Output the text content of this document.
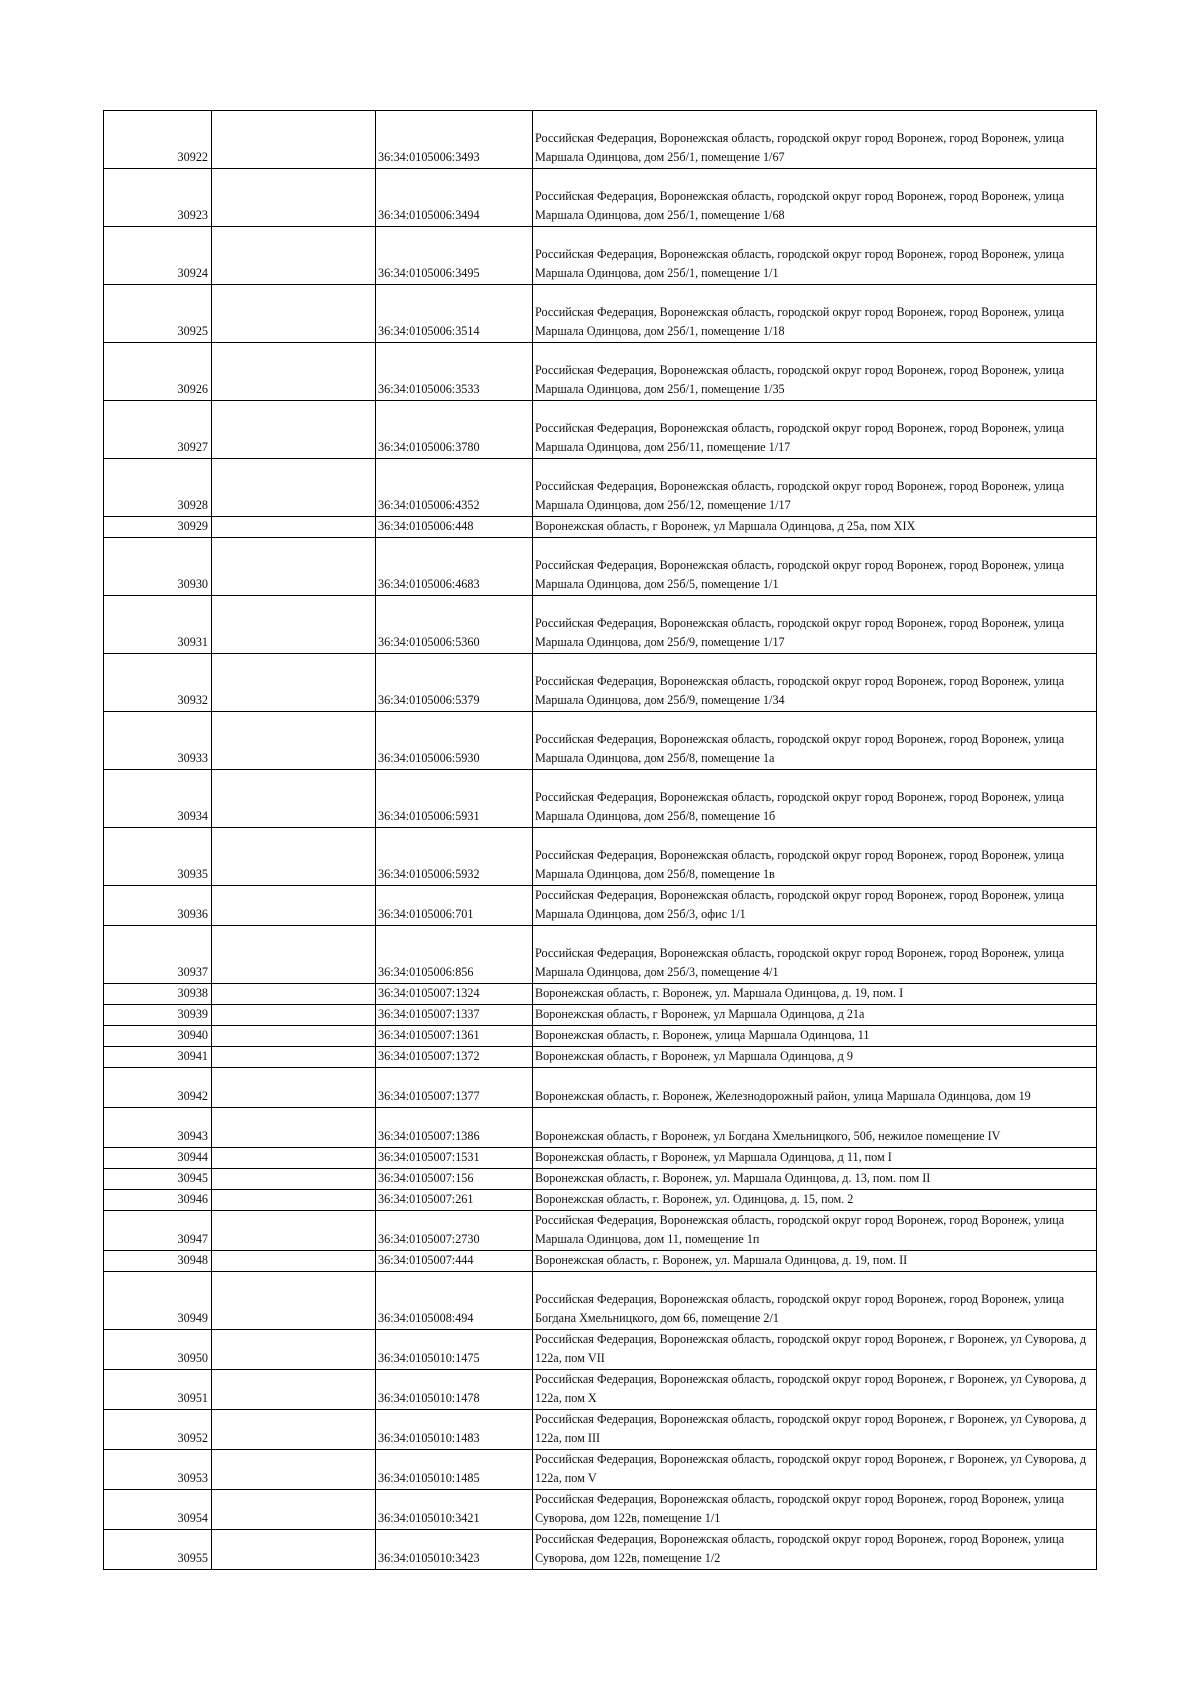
30922		36:34:0105006:3493	Российская Федерация, Воронежская область, городской округ город Воронеж, город Воронеж, улица Маршала Одинцова, дом 25б/1, помещение 1/67
30923		36:34:0105006:3494	Российская Федерация, Воронежская область, городской округ город Воронеж, город Воронеж, улица Маршала Одинцова, дом 25б/1, помещение 1/68
30924		36:34:0105006:3495	Российская Федерация, Воронежская область, городской округ город Воронеж, город Воронеж, улица Маршала Одинцова, дом 25б/1, помещение 1/1
30925		36:34:0105006:3514	Российская Федерация, Воронежская область, городской округ город Воронеж, город Воронеж, улица Маршала Одинцова, дом 25б/1, помещение 1/18
30926		36:34:0105006:3533	Российская Федерация, Воронежская область, городской округ город Воронеж, город Воронеж, улица Маршала Одинцова, дом 25б/1, помещение 1/35
30927		36:34:0105006:3780	Российская Федерация, Воронежская область, городской округ город Воронеж, город Воронеж, улица Маршала Одинцова, дом 25б/11, помещение 1/17
30928		36:34:0105006:4352	Российская Федерация, Воронежская область, городской округ город Воронеж, город Воронеж, улица Маршала Одинцова, дом 25б/12, помещение 1/17
30929		36:34:0105006:448	Воронежская область, г Воронеж, ул Маршала Одинцова, д 25а, пом XIX
30930		36:34:0105006:4683	Российская Федерация, Воронежская область, городской округ город Воронеж, город Воронеж, улица Маршала Одинцова, дом 25б/5, помещение 1/1
30931		36:34:0105006:5360	Российская Федерация, Воронежская область, городской округ город Воронеж, город Воронеж, улица Маршала Одинцова, дом 25б/9, помещение 1/17
30932		36:34:0105006:5379	Российская Федерация, Воронежская область, городской округ город Воронеж, город Воронеж, улица Маршала Одинцова, дом 25б/9, помещение 1/34
30933		36:34:0105006:5930	Российская Федерация, Воронежская область, городской округ город Воронеж, город Воронеж, улица Маршала Одинцова, дом 25б/8, помещение 1а
30934		36:34:0105006:5931	Российская Федерация, Воронежская область, городской округ город Воронеж, город Воронеж, улица Маршала Одинцова, дом 25б/8, помещение 1б
30935		36:34:0105006:5932	Российская Федерация, Воронежская область, городской округ город Воронеж, город Воронеж, улица Маршала Одинцова, дом 25б/8, помещение 1в
30936		36:34:0105006:701	Российская Федерация, Воронежская область, городской округ город Воронеж, город Воронеж, улица Маршала Одинцова, дом 25б/3, офис 1/1
30937		36:34:0105006:856	Российская Федерация, Воронежская область, городской округ город Воронеж, город Воронеж, улица Маршала Одинцова, дом 25б/3, помещение 4/1
30938		36:34:0105007:1324	Воронежская область, г. Воронеж, ул. Маршала Одинцова, д. 19, пом. I
30939		36:34:0105007:1337	Воронежская область, г Воронеж, ул Маршала Одинцова, д 21а
30940		36:34:0105007:1361	Воронежская область, г. Воронеж, улица Маршала Одинцова, 11
30941		36:34:0105007:1372	Воронежская область, г Воронеж, ул Маршала Одинцова, д 9
30942		36:34:0105007:1377	Воронежская область, г. Воронеж, Железнодорожный район, улица Маршала Одинцова, дом 19
30943		36:34:0105007:1386	Воронежская область, г Воронеж, ул Богдана Хмельницкого, 50б, нежилое помещение IV
30944		36:34:0105007:1531	Воронежская область, г Воронеж, ул Маршала Одинцова, д 11, пом I
30945		36:34:0105007:156	Воронежская область, г. Воронеж, ул. Маршала Одинцова, д. 13, пом. пом II
30946		36:34:0105007:261	Воронежская область, г. Воронеж, ул. Одинцова, д. 15, пом. 2
30947		36:34:0105007:2730	Российская Федерация, Воронежская область, городской округ город Воронеж, город Воронеж, улица Маршала Одинцова, дом 11, помещение 1п
30948		36:34:0105007:444	Воронежская область, г. Воронеж, ул. Маршала Одинцова, д. 19, пом. II
30949		36:34:0105008:494	Российская Федерация, Воронежская область, городской округ город Воронеж, город Воронеж, улица Богдана Хмельницкого, дом 66, помещение 2/1
30950		36:34:0105010:1475	Российская Федерация, Воронежская область, городской округ город Воронеж, г Воронеж, ул Суворова, д 122а, пом VII
30951		36:34:0105010:1478	Российская Федерация, Воронежская область, городской округ город Воронеж, г Воронеж, ул Суворова, д 122а, пом X
30952		36:34:0105010:1483	Российская Федерация, Воронежская область, городской округ город Воронеж, г Воронеж, ул Суворова, д 122а, пом III
30953		36:34:0105010:1485	Российская Федерация, Воронежская область, городской округ город Воронеж, г Воронеж, ул Суворова, д 122а, пом V
30954		36:34:0105010:3421	Российская Федерация, Воронежская область, городской округ город Воронеж, город Воронеж, улица Суворова, дом 122в, помещение 1/1
30955		36:34:0105010:3423	Российская Федерация, Воронежская область, городской округ город Воронеж, город Воронеж, улица Суворова, дом 122в, помещение 1/2
